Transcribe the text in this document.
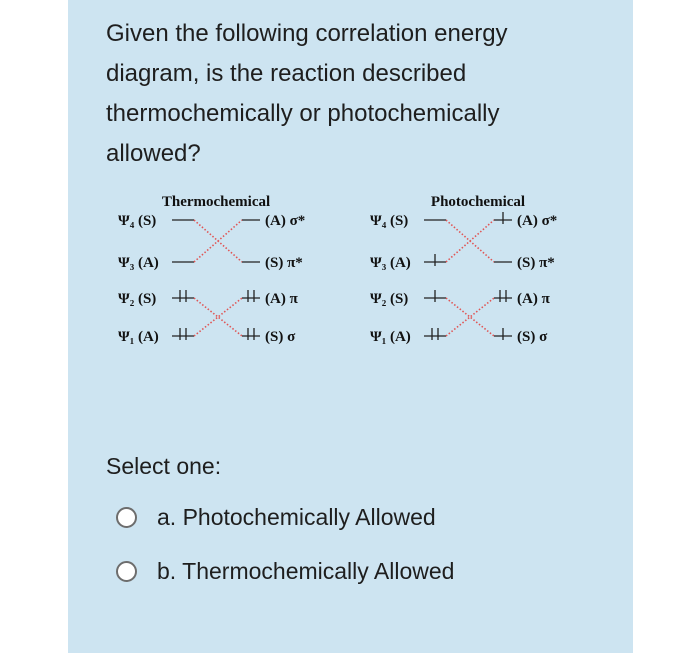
Given the following correlation energy diagram, is the reaction described thermochemically or photochemically allowed?

Thermochemical
Ψ₄ (S)	(A) σ*
Ψ₃ (A)	(S) π*
Ψ₂ (S)	(A) π
Ψ₁ (A)	(S) σ
Photochemical
Ψ₄ (S)	(A) σ*
Ψ₃ (A)	(S) π*
Ψ₂ (S)	(A) π
Ψ₁ (A)	(S) σ

Select one:

a. Photochemically Allowed
b. Thermochemically Allowed
